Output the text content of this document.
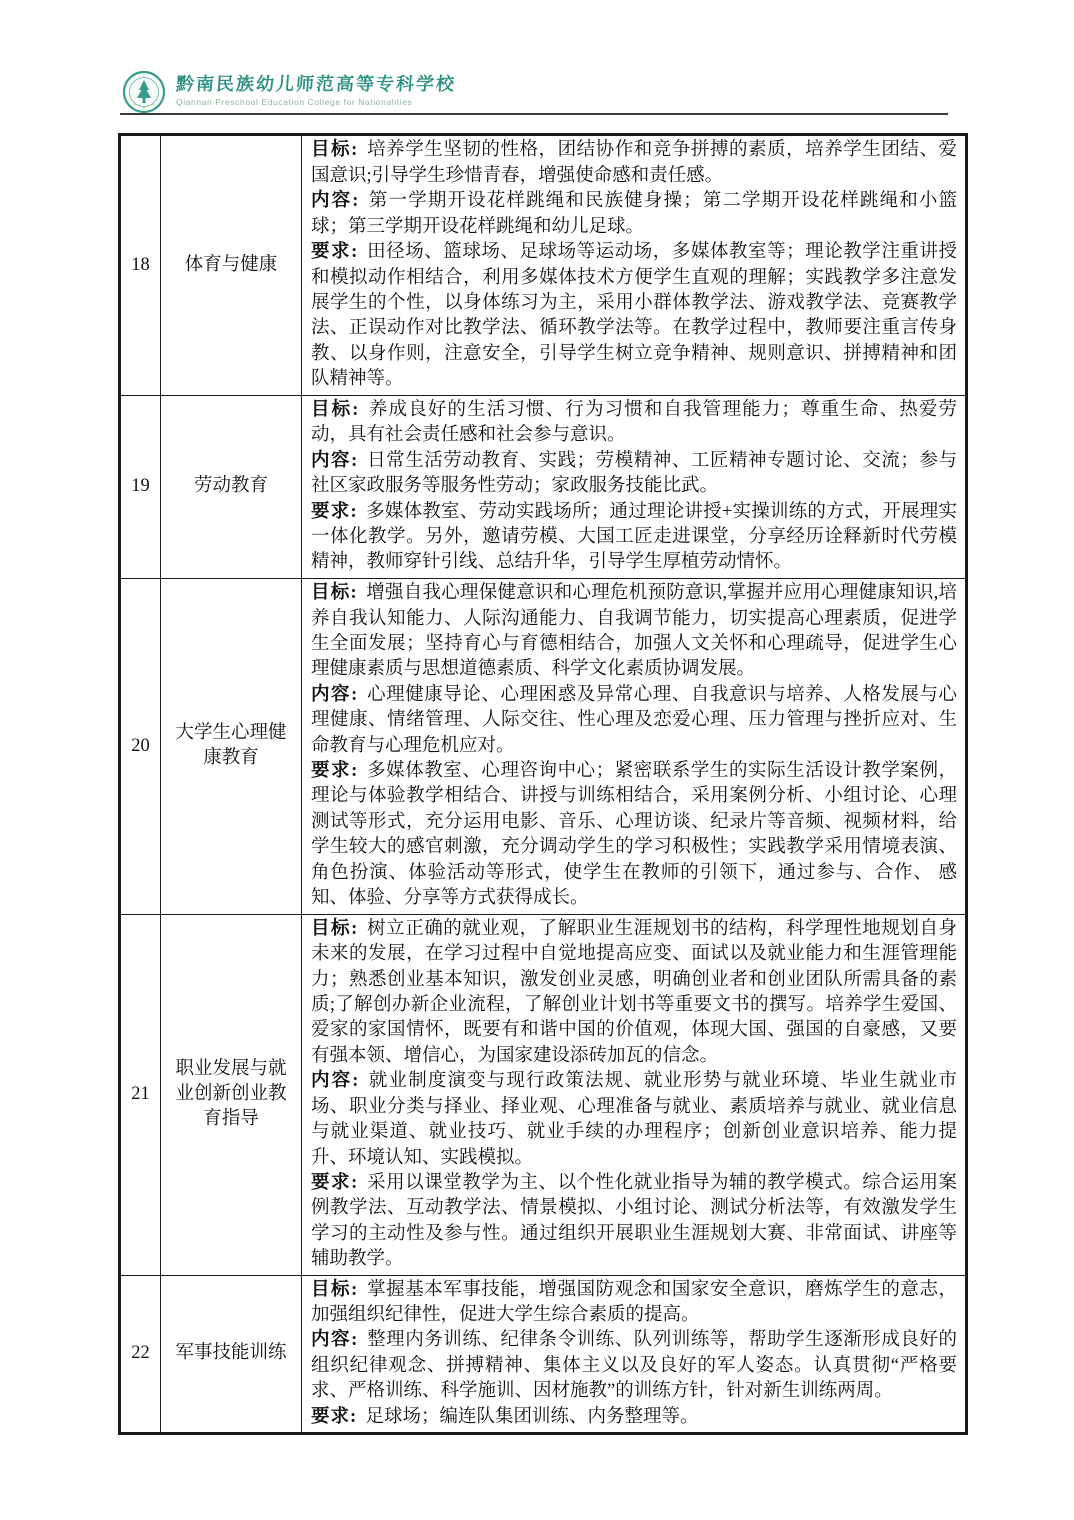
黔南民族幼儿师范高等专科学校
Qiannan Preschool Education College for Nationalities
18	体育与健康	目标: 培养学生坚韧的性格，团结协作和竞争拼搏的素质，培养学生团结、爱国意识;引导学生珍惜青春，增强使命感和责任感。

内容: 第一学期开设花样跳绳和民族健身操；第二学期开设花样跳绳和小篮球；第三学期开设花样跳绳和幼儿足球。

要求: 田径场、篮球场、足球场等运动场，多媒体教室等；理论教学注重讲授和模拟动作相结合，利用多媒体技术方便学生直观的理解；实践教学多注意发展学生的个性，以身体练习为主，采用小群体教学法、游戏教学法、竞赛教学法、正误动作对比教学法、循环教学法等。在教学过程中，教师要注重言传身教、以身作则，注意安全，引导学生树立竞争精神、规则意识、拼搏精神和团队精神等。

19	劳动教育	目标: 养成良好的生活习惯、行为习惯和自我管理能力；尊重生命、热爱劳动，具有社会责任感和社会参与意识。

内容: 日常生活劳动教育、实践；劳模精神、工匠精神专题讨论、交流；参与社区家政服务等服务性劳动；家政服务技能比武。

要求: 多媒体教室、劳动实践场所；通过理论讲授+实操训练的方式，开展理实一体化教学。另外，邀请劳模、大国工匠走进课堂，分享经历诠释新时代劳模精神，教师穿针引线、总结升华，引导学生厚植劳动情怀。

20	大学生心理健康教育	目标: 增强自我心理保健意识和心理危机预防意识,掌握并应用心理健康知识,培养自我认知能力、人际沟通能力、自我调节能力，切实提高心理素质，促进学生全面发展；坚持育心与育德相结合，加强人文关怀和心理疏导，促进学生心理健康素质与思想道德素质、科学文化素质协调发展。

内容: 心理健康导论、心理困惑及异常心理、自我意识与培养、人格发展与心理健康、情绪管理、人际交往、性心理及恋爱心理、压力管理与挫折应对、生命教育与心理危机应对。

要求: 多媒体教室、心理咨询中心；紧密联系学生的实际生活设计教学案例，理论与体验教学相结合、讲授与训练相结合，采用案例分析、小组讨论、心理测试等形式，充分运用电影、音乐、心理访谈、纪录片等音频、视频材料，给学生较大的感官刺激，充分调动学生的学习积极性；实践教学采用情境表演、角色扮演、体验活动等形式，使学生在教师的引领下，通过参与、合作、 感知、体验、分享等方式获得成长。

21	职业发展与就业创新创业教育指导	目标: 树立正确的就业观，了解职业生涯规划书的结构，科学理性地规划自身未来的发展，在学习过程中自觉地提高应变、面试以及就业能力和生涯管理能力；熟悉创业基本知识，激发创业灵感，明确创业者和创业团队所需具备的素质;了解创办新企业流程，了解创业计划书等重要文书的撰写。培养学生爱国、爱家的家国情怀，既要有和谐中国的价值观，体现大国、强国的自豪感，又要有强本领、增信心，为国家建设添砖加瓦的信念。

内容: 就业制度演变与现行政策法规、就业形势与就业环境、毕业生就业市场、职业分类与择业、择业观、心理准备与就业、素质培养与就业、就业信息与就业渠道、就业技巧、就业手续的办理程序；创新创业意识培养、能力提升、环境认知、实践模拟。

要求: 采用以课堂教学为主、以个性化就业指导为辅的教学模式。综合运用案例教学法、互动教学法、情景模拟、小组讨论、测试分析法等，有效激发学生学习的主动性及参与性。通过组织开展职业生涯规划大赛、非常面试、讲座等辅助教学。

22	军事技能训练	目标: 掌握基本军事技能，增强国防观念和国家安全意识，磨炼学生的意志，加强组织纪律性，促进大学生综合素质的提高。

内容: 整理内务训练、纪律条令训练、队列训练等，帮助学生逐渐形成良好的组织纪律观念、拼搏精神、集体主义以及良好的军人姿态。认真贯彻“严格要求、严格训练、科学施训、因材施教”的训练方针，针对新生训练两周。

要求: 足球场；编连队集团训练、内务整理等。
